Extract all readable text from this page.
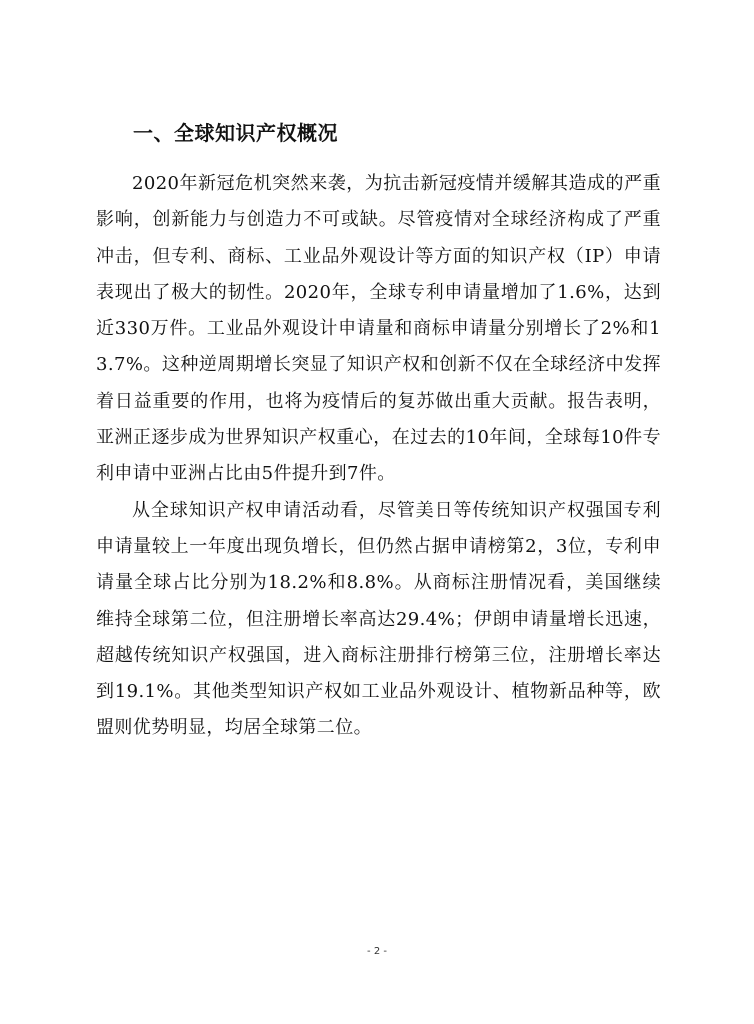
一、全球知识产权概况

2020年新冠危机突然来袭，为抗击新冠疫情并缓解其造成的严重影响，创新能力与创造力不可或缺。尽管疫情对全球经济构成了严重冲击，但专利、商标、工业品外观设计等方面的知识产权（IP）申请表现出了极大的韧性。2020年，全球专利申请量增加了1.6%，达到近330万件。工业品外观设计申请量和商标申请量分别增长了2%和13.7%。这种逆周期增长突显了知识产权和创新不仅在全球经济中发挥着日益重要的作用，也将为疫情后的复苏做出重大贡献。报告表明，亚洲正逐步成为世界知识产权重心，在过去的10年间，全球每10件专利申请中亚洲占比由5件提升到7件。

从全球知识产权申请活动看，尽管美日等传统知识产权强国专利申请量较上一年度出现负增长，但仍然占据申请榜第2，3位，专利申请量全球占比分别为18.2%和8.8%。从商标注册情况看，美国继续维持全球第二位，但注册增长率高达29.4%；伊朗申请量增长迅速，超越传统知识产权强国，进入商标注册排行榜第三位，注册增长率达到19.1%。其他类型知识产权如工业品外观设计、植物新品种等，欧盟则优势明显，均居全球第二位。

- 2 -
